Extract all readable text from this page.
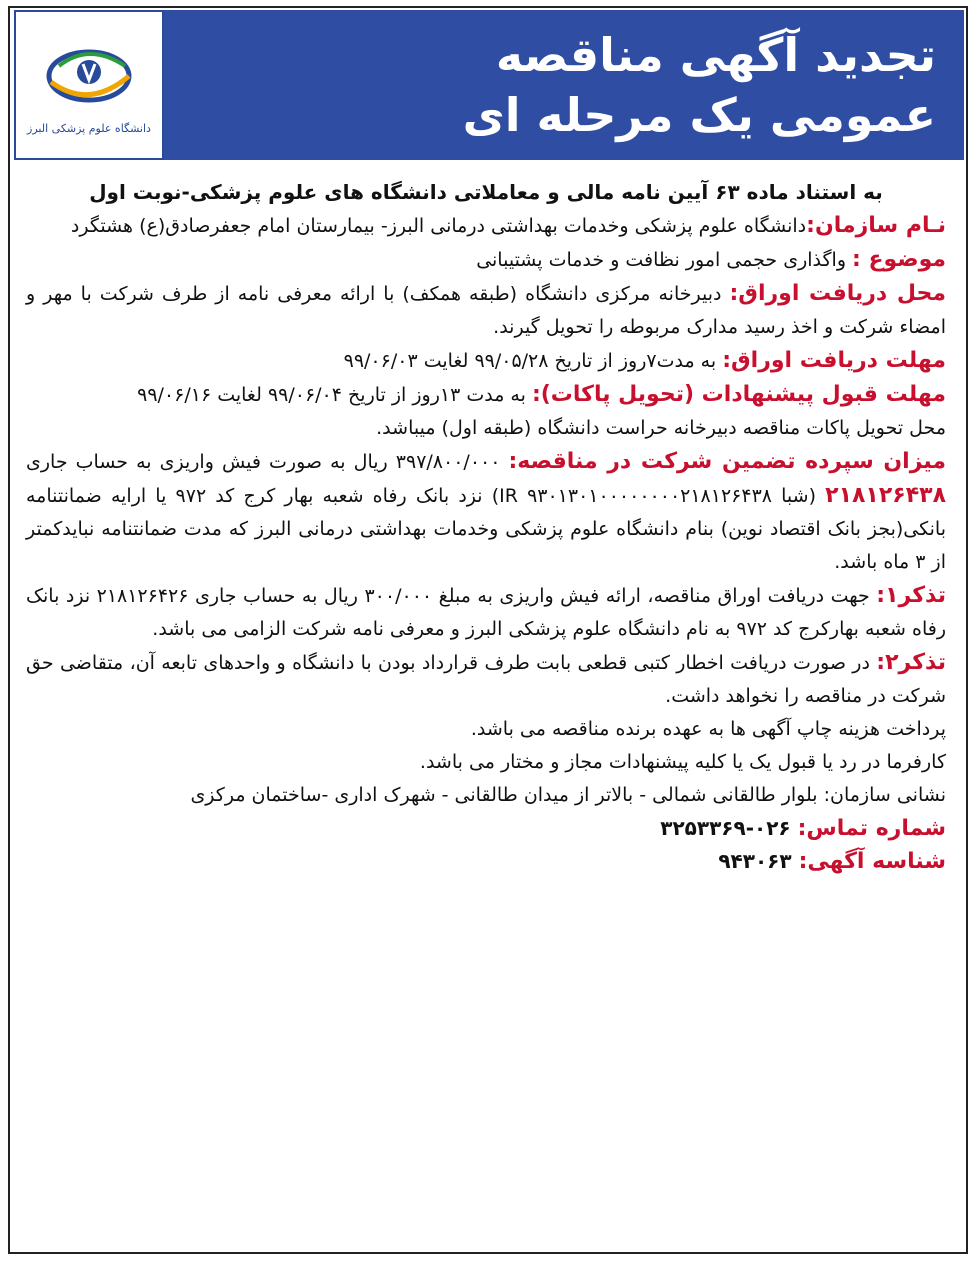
دانشگاه علوم پزشکی البرز
تجدید آگهی مناقصه
عمومی یک مرحله ای

به استناد ماده ۶۳ آیین نامه مالی و معاملاتی دانشگاه های علوم پزشکی-نوبت اول

نـام سازمان:دانشگاه علوم پزشکی وخدمات بهداشتی درمانی البرز- بیمارستان امام جعفرصادق(ع) هشتگرد

موضوع : واگذاری حجمی امور نظافت و خدمات پشتیبانی

محل دریافت اوراق: دبیرخانه مرکزی دانشگاه (طبقه همکف) با ارائه معرفی نامه از طرف شرکت با مهر و امضاء شرکت و اخذ رسید مدارک مربوطه را تحویل گیرند.

مهلت دریافت اوراق: به مدت۷روز از تاریخ ۹۹/۰۵/۲۸ لغایت ۹۹/۰۶/۰۳

مهلت قبول پیشنهادات (تحویل پاکات): به مدت ۱۳روز از تاریخ ۹۹/۰۶/۰۴ لغایت ۹۹/۰۶/۱۶

محل تحویل پاکات مناقصه دبیرخانه حراست دانشگاه (طبقه اول) میباشد.

میزان سپرده تضمین شرکت در مناقصه: ۳۹۷/۸۰۰/۰۰۰ ریال به صورت فیش واریزی به حساب جاری ۲۱۸۱۲۶۴۳۸ (شبا IR ۹۳۰۱۳۰۱۰۰۰۰۰۰۰۰۲۱۸۱۲۶۴۳۸) نزد بانک رفاه شعبه بهار کرج کد ۹۷۲ یا ارایه ضمانتنامه بانکی(بجز بانک اقتصاد نوین) بنام دانشگاه علوم پزشکی وخدمات بهداشتی درمانی البرز که مدت ضمانتنامه نبایدکمتر از ۳ ماه باشد.

تذکر۱: جهت دریافت اوراق مناقصه، ارائه فیش واریزی به مبلغ ۳۰۰/۰۰۰ ریال به حساب جاری ۲۱۸۱۲۶۴۲۶ نزد بانک رفاه شعبه بهارکرج کد ۹۷۲ به نام دانشگاه علوم پزشکی البرز و معرفی نامه شرکت الزامی می باشد.

تذکر۲: در صورت دریافت اخطار کتبی قطعی بابت طرف قرارداد بودن با دانشگاه و واحدهای تابعه آن، متقاضی حق شرکت در مناقصه را نخواهد داشت.

پرداخت هزینه چاپ آگهی ها به عهده برنده مناقصه می باشد.

کارفرما در رد یا قبول یک یا کلیه پیشنهادات مجاز و مختار می باشد.

نشانی سازمان: بلوار طالقانی شمالی - بالاتر از میدان طالقانی - شهرک اداری -ساختمان مرکزی

شماره تماس: ۰۲۶-۳۲۵۳۳۶۹

شناسه آگهی: ۹۴۳۰۶۳
